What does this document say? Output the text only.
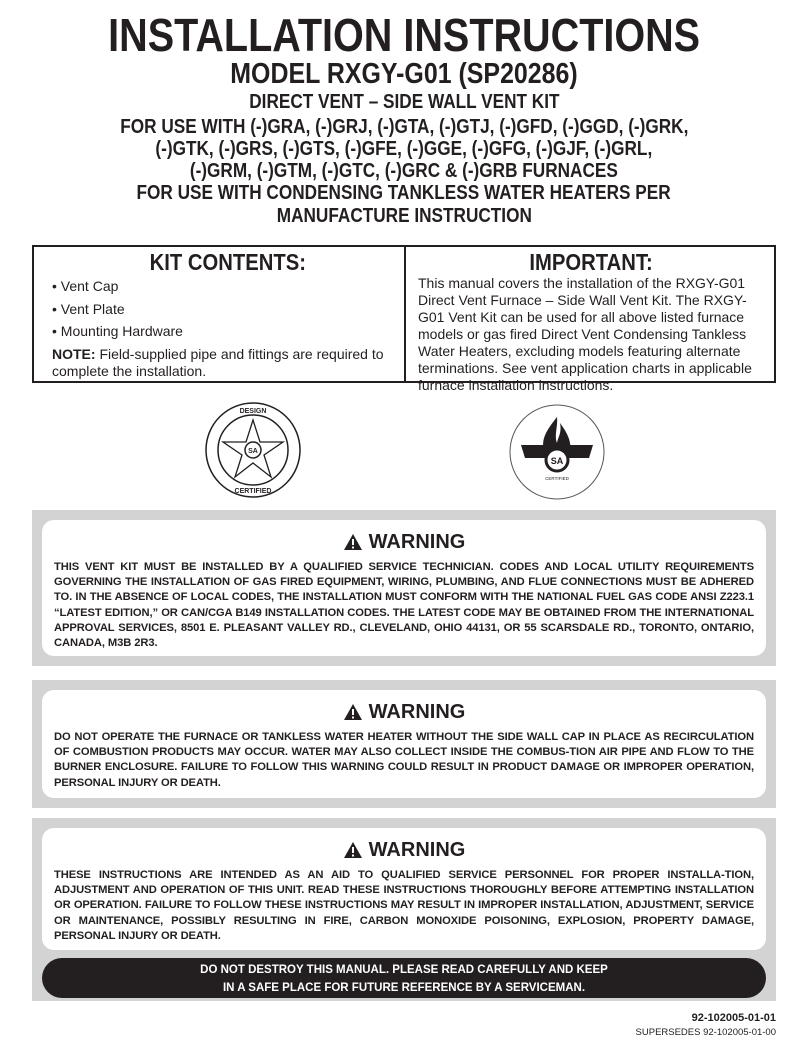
INSTALLATION INSTRUCTIONS
MODEL RXGY-G01 (SP20286)
DIRECT VENT – SIDE WALL VENT KIT
FOR USE WITH (-)GRA, (-)GRJ, (-)GTA, (-)GTJ, (-)GFD, (-)GGD, (-)GRK,
(-)GTK, (-)GRS, (-)GTS, (-)GFE, (-)GGE, (-)GFG, (-)GJF, (-)GRL,
(-)GRM, (-)GTM, (-)GTC, (-)GRC & (-)GRB FURNACES
FOR USE WITH CONDENSING TANKLESS WATER HEATERS PER
MANUFACTURE INSTRUCTION
KIT CONTENTS:
• Vent Cap
• Vent Plate
• Mounting Hardware
NOTE: Field-supplied pipe and fittings are required to complete the installation.
IMPORTANT:

This manual covers the installation of the RXGY-G01 Direct Vent Furnace – Side Wall Vent Kit. The RXGY-G01 Vent Kit can be used for all above listed furnace models or gas fired Direct Vent Condensing Tankless Water Heaters, excluding models featuring alternate terminations. See vent application charts in applicable furnace installation instructions.

SA
DESIGN
CERTIFIED
SA
CERTIFIED
WARNING
THIS VENT KIT MUST BE INSTALLED BY A QUALIFIED SERVICE TECHNICIAN. CODES AND LOCAL UTILITY REQUIREMENTS GOVERNING THE INSTALLATION OF GAS FIRED EQUIPMENT, WIRING, PLUMBING, AND FLUE CONNECTIONS MUST BE ADHERED TO. IN THE ABSENCE OF LOCAL CODES, THE INSTALLATION MUST CONFORM WITH THE NATIONAL FUEL GAS CODE ANSI Z223.1 “LATEST EDITION,” OR CAN/CGA B149 INSTALLATION CODES. THE LATEST CODE MAY BE OBTAINED FROM THE INTERNATIONAL APPROVAL SERVICES, 8501 E. PLEASANT VALLEY RD., CLEVELAND, OHIO 44131, OR 55 SCARSDALE RD., TORONTO, ONTARIO, CANADA, M3B 2R3.
WARNING
DO NOT OPERATE THE FURNACE OR TANKLESS WATER HEATER WITHOUT THE SIDE WALL CAP IN PLACE AS RECIRCULATION OF COMBUSTION PRODUCTS MAY OCCUR. WATER MAY ALSO COLLECT INSIDE THE COMBUS-TION AIR PIPE AND FLOW TO THE BURNER ENCLOSURE. FAILURE TO FOLLOW THIS WARNING COULD RESULT IN PRODUCT DAMAGE OR IMPROPER OPERATION, PERSONAL INJURY OR DEATH.
WARNING
THESE INSTRUCTIONS ARE INTENDED AS AN AID TO QUALIFIED SERVICE PERSONNEL FOR PROPER INSTALLA-TION, ADJUSTMENT AND OPERATION OF THIS UNIT. READ THESE INSTRUCTIONS THOROUGHLY BEFORE ATTEMPTING INSTALLATION OR OPERATION. FAILURE TO FOLLOW THESE INSTRUCTIONS MAY RESULT IN IMPROPER INSTALLATION, ADJUSTMENT, SERVICE OR MAINTENANCE, POSSIBLY RESULTING IN FIRE, CARBON MONOXIDE POISONING, EXPLOSION, PROPERTY DAMAGE, PERSONAL INJURY OR DEATH.
DO NOT DESTROY THIS MANUAL. PLEASE READ CAREFULLY AND KEEP
IN A SAFE PLACE FOR FUTURE REFERENCE BY A SERVICEMAN.
92-102005-01-01
SUPERSEDES 92-102005-01-00
